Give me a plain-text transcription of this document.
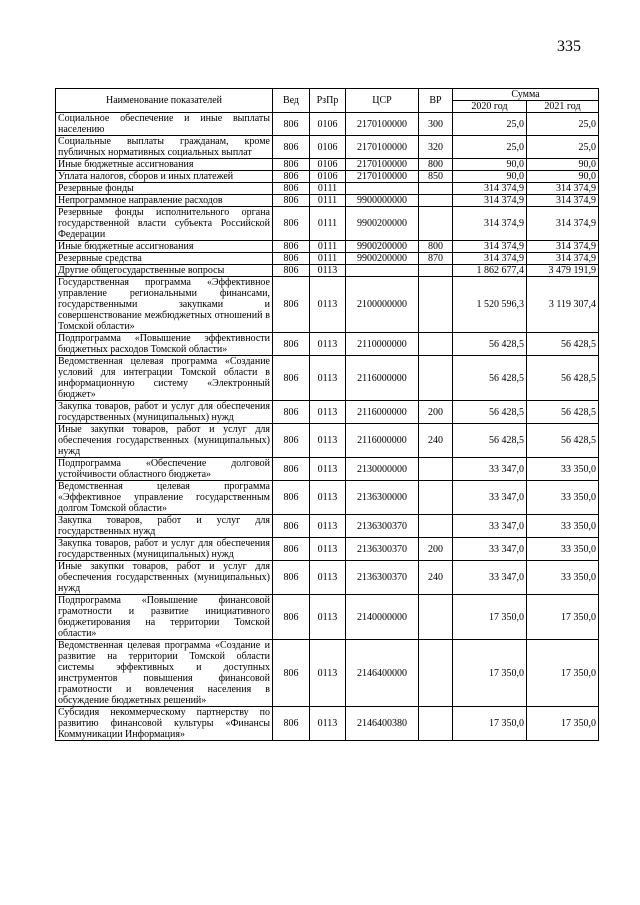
335
Наименование показателей	Вед	РзПр	ЦСР	ВР	Сумма	
					2020 год	2021 год
Социальное обеспечение и иные выплаты населению	806	0106	2170100000	300	25,0	25,0
Социальные выплаты гражданам, кроме публичных нормативных социальных выплат	806	0106	2170100000	320	25,0	25,0
Иные бюджетные ассигнования	806	0106	2170100000	800	90,0	90,0
Уплата налогов, сборов и иных платежей	806	0106	2170100000	850	90,0	90,0
Резервные фонды	806	0111			314 374,9	314 374,9
Непрограммное направление расходов	806	0111	9900000000		314 374,9	314 374,9
Резервные фонды исполнительного органа государственной власти субъекта Российской Федерации	806	0111	9900200000		314 374,9	314 374,9
Иные бюджетные ассигнования	806	0111	9900200000	800	314 374,9	314 374,9
Резервные средства	806	0111	9900200000	870	314 374,9	314 374,9
Другие общегосударственные вопросы	806	0113			1 862 677,4	3 479 191,9
Государственная программа «Эффективное управление региональными финансами, государственными закупками и совершенствование межбюджетных отношений в Томской области»	806	0113	2100000000		1 520 596,3	3 119 307,4
Подпрограмма «Повышение эффективности бюджетных расходов Томской области»	806	0113	2110000000		56 428,5	56 428,5
Ведомственная целевая программа «Создание условий для интеграции Томской области в информационную систему «Электронный бюджет»	806	0113	2116000000		56 428,5	56 428,5
Закупка товаров, работ и услуг для обеспечения государственных (муниципальных) нужд	806	0113	2116000000	200	56 428,5	56 428,5
Иные закупки товаров, работ и услуг для обеспечения государственных (муниципальных) нужд	806	0113	2116000000	240	56 428,5	56 428,5
Подпрограмма «Обеспечение долговой устойчивости областного бюджета»	806	0113	2130000000		33 347,0	33 350,0
Ведомственная целевая программа «Эффективное управление государственным долгом Томской области»	806	0113	2136300000		33 347,0	33 350,0
Закупка товаров, работ и услуг для государственных нужд	806	0113	2136300370		33 347,0	33 350,0
Закупка товаров, работ и услуг для обеспечения государственных (муниципальных) нужд	806	0113	2136300370	200	33 347,0	33 350,0
Иные закупки товаров, работ и услуг для обеспечения государственных (муниципальных) нужд	806	0113	2136300370	240	33 347,0	33 350,0
Подпрограмма «Повышение финансовой грамотности и развитие инициативного бюджетирования на территории Томской области»	806	0113	2140000000		17 350,0	17 350,0
Ведомственная целевая программа «Создание и развитие на территории Томской области системы эффективных и доступных инструментов повышения финансовой грамотности и вовлечения населения в обсуждение бюджетных решений»	806	0113	2146400000		17 350,0	17 350,0
Субсидия некоммерческому партнерству по развитию финансовой культуры «Финансы Коммуникации Информация»	806	0113	2146400380		17 350,0	17 350,0
